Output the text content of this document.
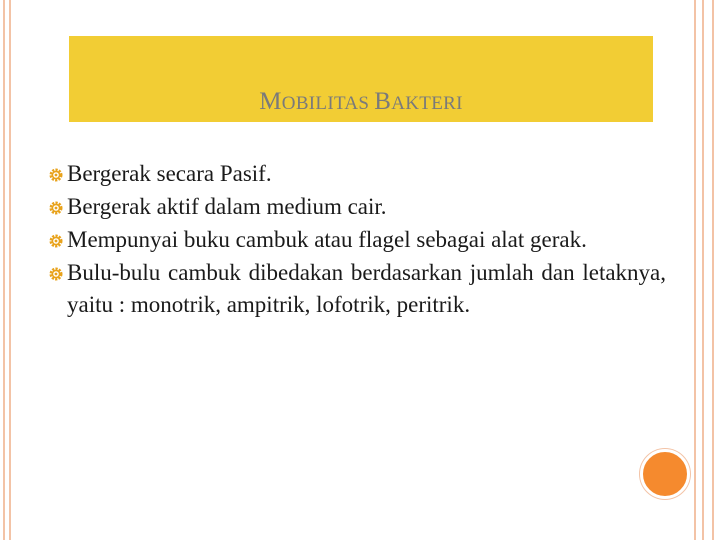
MOBILITAS BAKTERI
Bergerak secara Pasif.
Bergerak aktif dalam medium cair.
Mempunyai buku cambuk atau flagel sebagai alat gerak.
Bulu-bulu cambuk dibedakan berdasarkan jumlah dan letaknya, yaitu : monotrik, ampitrik, lofotrik, peritrik.
